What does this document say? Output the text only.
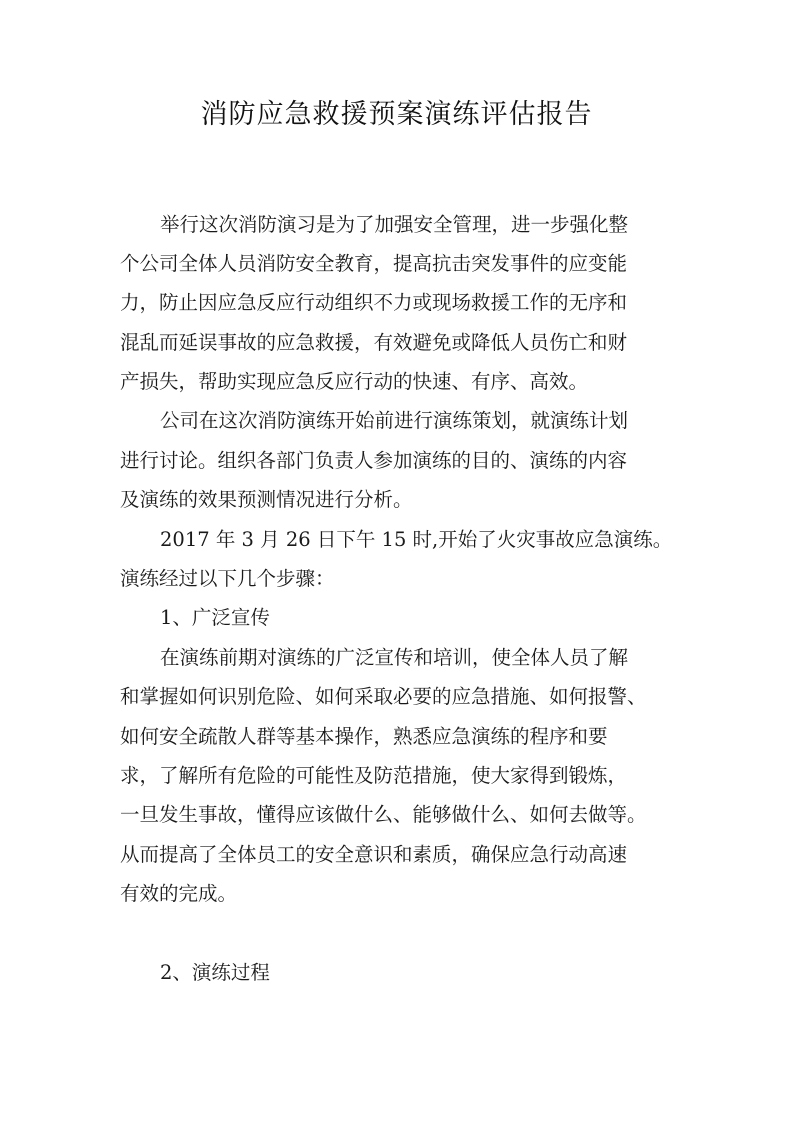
消防应急救援预案演练评估报告
举行这次消防演习是为了加强安全管理，进一步强化整
个公司全体人员消防安全教育，提高抗击突发事件的应变能
力，防止因应急反应行动组织不力或现场救援工作的无序和
混乱而延误事故的应急救援，有效避免或降低人员伤亡和财
产损失，帮助实现应急反应行动的快速、有序、高效。
公司在这次消防演练开始前进行演练策划，就演练计划
进行讨论。组织各部门负责人参加演练的目的、演练的内容
及演练的效果预测情况进行分析。
2017 年 3 月 26 日下午 15 时,开始了火灾事故应急演练。
演练经过以下几个步骤：
1、广泛宣传
在演练前期对演练的广泛宣传和培训，使全体人员了解
和掌握如何识别危险、如何采取必要的应急措施、如何报警、
如何安全疏散人群等基本操作，熟悉应急演练的程序和要
求，了解所有危险的可能性及防范措施，使大家得到锻炼，
一旦发生事故，懂得应该做什么、能够做什么、如何去做等。
从而提高了全体员工的安全意识和素质，确保应急行动高速
有效的完成。
2、演练过程
